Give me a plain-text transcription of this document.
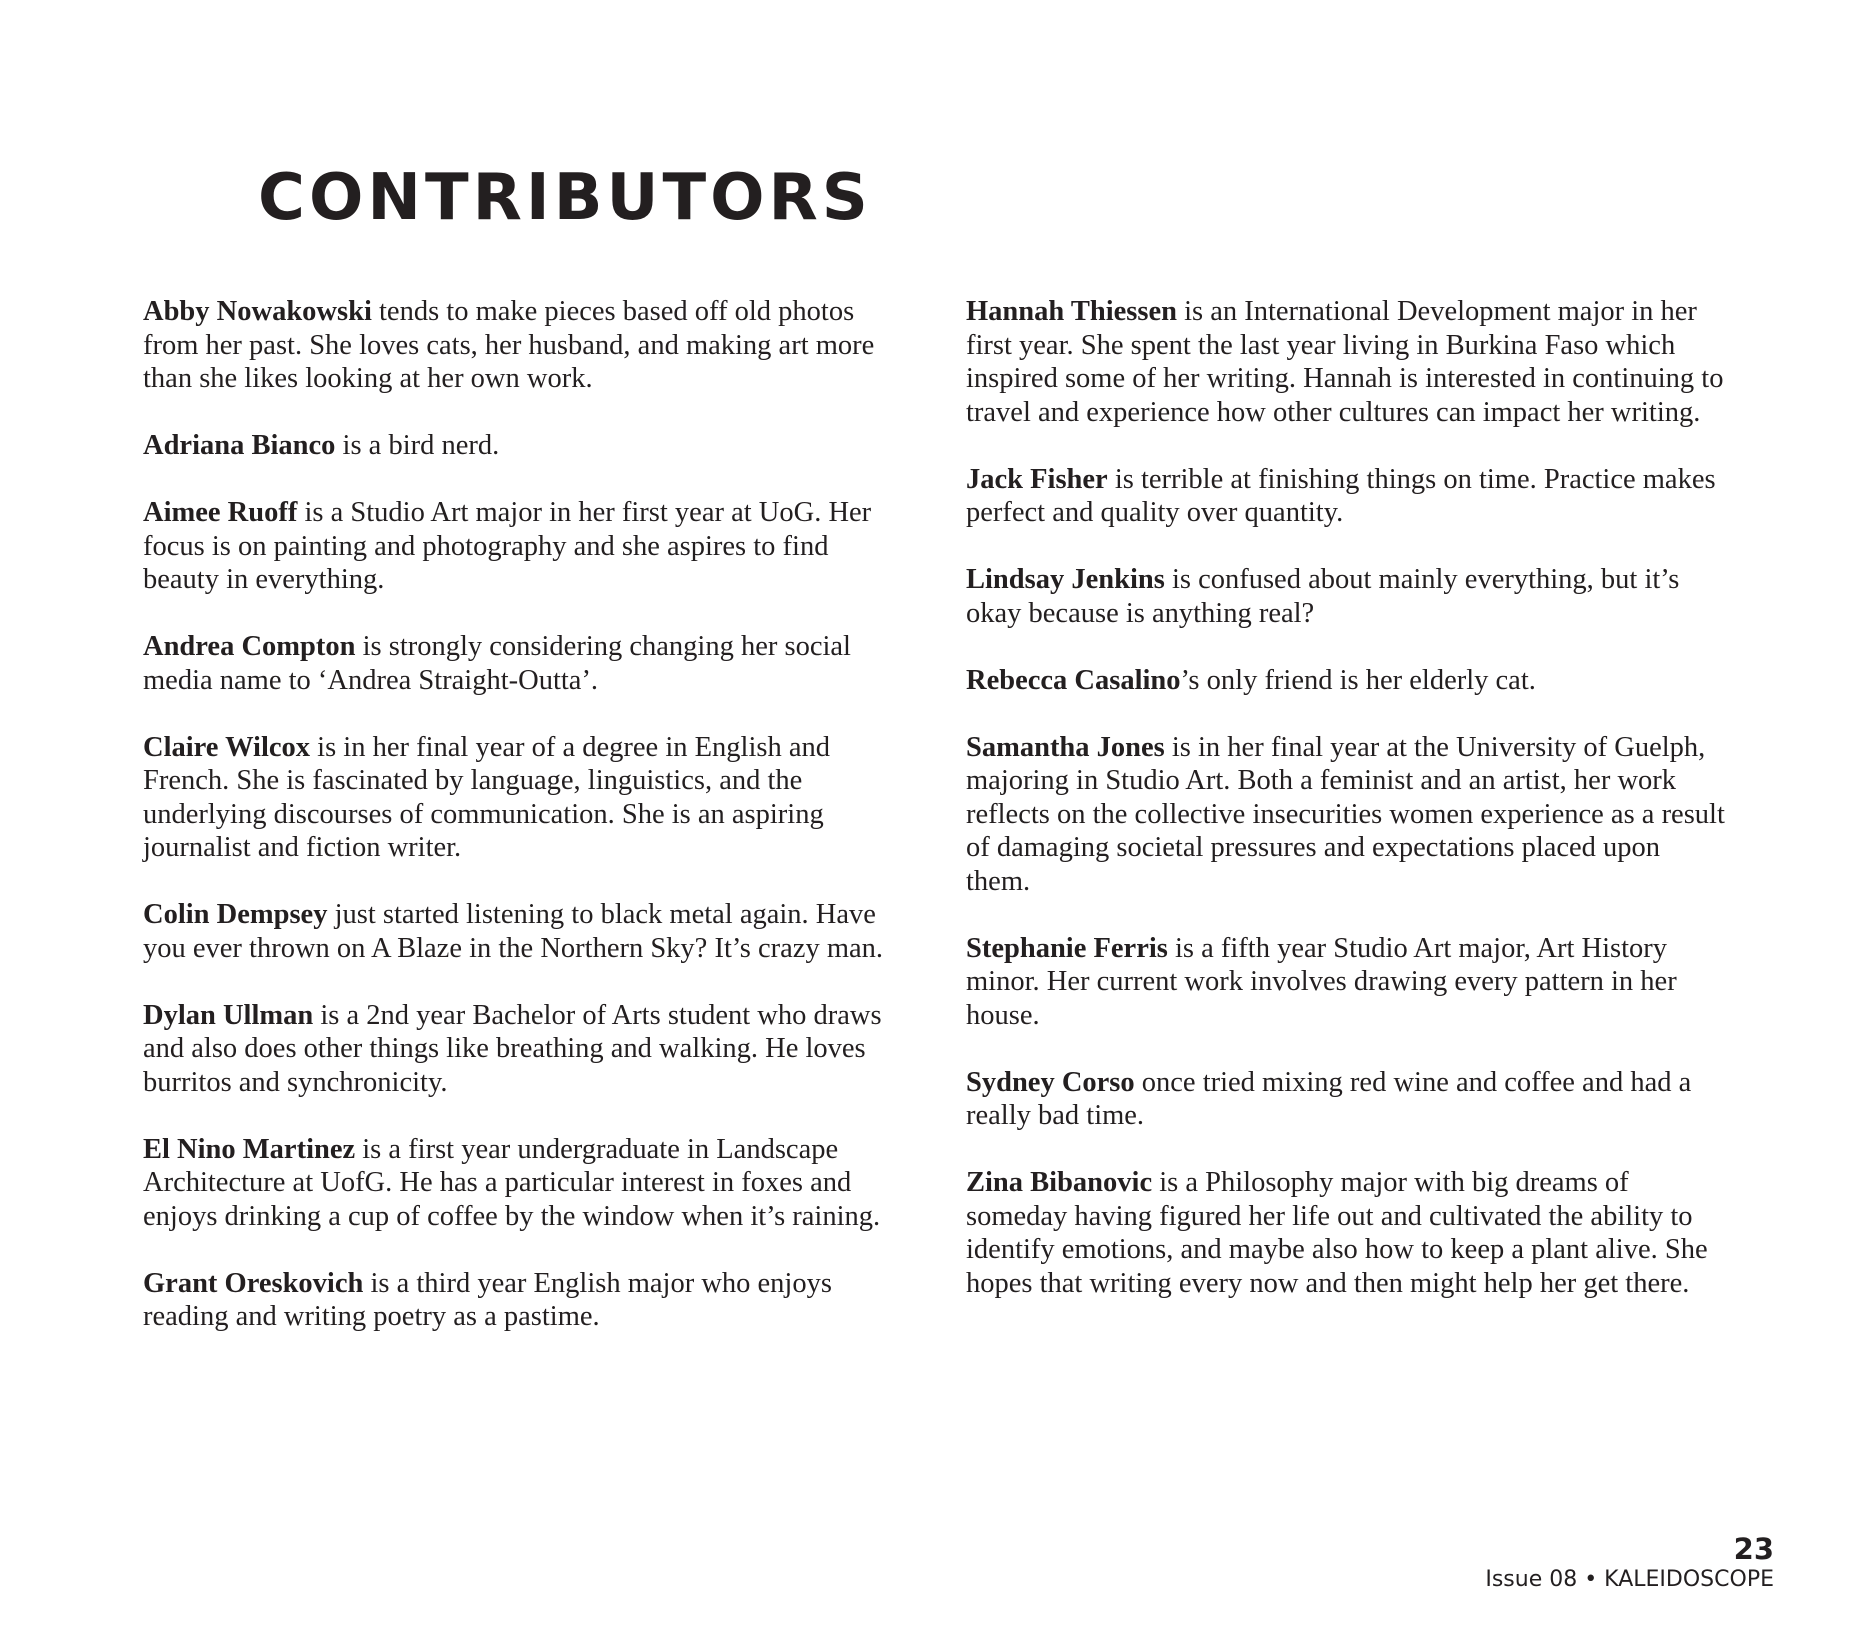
CONTRIBUTORS

Abby Nowakowski tends to make pieces based off old photos from her past. She loves cats, her husband, and making art more than she likes looking at her own work.

Adriana Bianco is a bird nerd.

Aimee Ruoff is a Studio Art major in her first year at UoG. Her focus is on painting and photography and she aspires to find beauty in everything.

Andrea Compton is strongly considering changing her social media name to ‘Andrea Straight-Outta’.

Claire Wilcox is in her final year of a degree in English and French. She is fascinated by language, linguistics, and the underlying discourses of communication. She is an aspiring journalist and fiction writer.

Colin Dempsey just started listening to black metal again. Have you ever thrown on A Blaze in the Northern Sky? It’s crazy man.

Dylan Ullman is a 2nd year Bachelor of Arts student who draws and also does other things like breathing and walking. He loves burritos and synchronicity.

El Nino Martinez is a first year undergraduate in Landscape Architecture at UofG. He has a particular interest in foxes and enjoys drinking a cup of coffee by the window when it’s raining.

Grant Oreskovich is a third year English major who enjoys reading and writing poetry as a pastime.

Hannah Thiessen is an International Development major in her first year. She spent the last year living in Burkina Faso which inspired some of her writing. Hannah is interested in continuing to travel and experience how other cultures can impact her writing.

Jack Fisher is terrible at finishing things on time. Practice makes perfect and quality over quantity.

Lindsay Jenkins is confused about mainly everything, but it’s okay because is anything real?

Rebecca Casalino’s only friend is her elderly cat.

Samantha Jones is in her final year at the University of Guelph, majoring in Studio Art. Both a feminist and an artist, her work reflects on the collective insecurities women experience as a result of damaging societal pressures and expectations placed upon them.

Stephanie Ferris is a fifth year Studio Art major, Art History minor. Her current work involves drawing every pattern in her house.

Sydney Corso once tried mixing red wine and coffee and had a really bad time.

Zina Bibanovic is a Philosophy major with big dreams of someday having figured her life out and cultivated the ability to identify emotions, and maybe also how to keep a plant alive. She hopes that writing every now and then might help her get there.

23
Issue 08 • KALEIDOSCOPE
